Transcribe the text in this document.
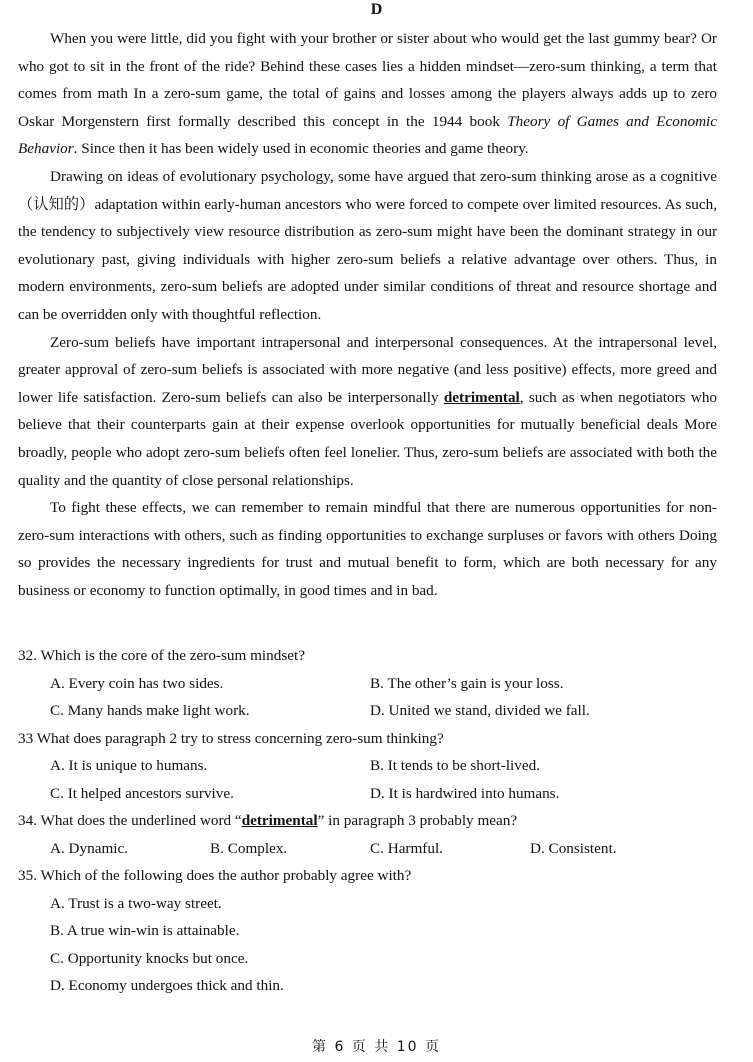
D

When you were little, did you fight with your brother or sister about who would get the last gummy bear? Or who got to sit in the front of the ride? Behind these cases lies a hidden mindset—zero-sum thinking, a term that comes from math In a zero-sum game, the total of gains and losses among the players always adds up to zero Oskar Morgenstern first formally described this concept in the 1944 book Theory of Games and Economic Behavior. Since then it has been widely used in economic theories and game theory.

Drawing on ideas of evolutionary psychology, some have argued that zero-sum thinking arose as a cognitive（认知的）adaptation within early-human ancestors who were forced to compete over limited resources. As such, the tendency to subjectively view resource distribution as zero-sum might have been the dominant strategy in our evolutionary past, giving individuals with higher zero-sum beliefs a relative advantage over others. Thus, in modern environments, zero-sum beliefs are adopted under similar conditions of threat and resource shortage and can be overridden only with thoughtful reflection.

Zero-sum beliefs have important intrapersonal and interpersonal consequences. At the intrapersonal level, greater approval of zero-sum beliefs is associated with more negative (and less positive) effects, more greed and lower life satisfaction. Zero-sum beliefs can also be interpersonally detrimental, such as when negotiators who believe that their counterparts gain at their expense overlook opportunities for mutually beneficial deals More broadly, people who adopt zero-sum beliefs often feel lonelier. Thus, zero-sum beliefs are associated with both the quality and the quantity of close personal relationships.

To fight these effects, we can remember to remain mindful that there are numerous opportunities for non-zero-sum interactions with others, such as finding opportunities to exchange surpluses or favors with others Doing so provides the necessary ingredients for trust and mutual benefit to form, which are both necessary for any business or economy to function optimally, in good times and in bad.

32. Which is the core of the zero-sum mindset?
A. Every coin has two sides.	B. The other’s gain is your loss.
C. Many hands make light work.	D. United we stand, divided we fall.
33 What does paragraph 2 try to stress concerning zero-sum thinking?
A. It is unique to humans.	B. It tends to be short-lived.
C. It helped ancestors survive.	D. It is hardwired into humans.
34. What does the underlined word “detrimental” in paragraph 3 probably mean?
A. Dynamic.	B. Complex.	C. Harmful.	D. Consistent.
35. Which of the following does the author probably agree with?
A. Trust is a two-way street.
B. A true win-win is attainable.
C. Opportunity knocks but once.
D. Economy undergoes thick and thin.
第 6 页 共 10 页
